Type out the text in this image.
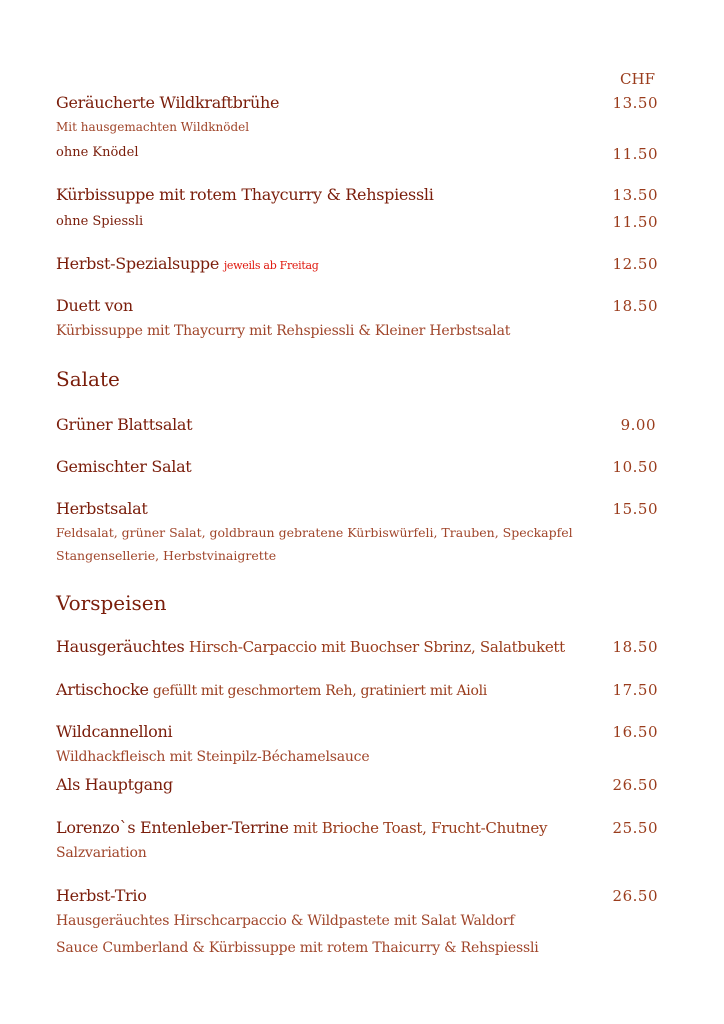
CHF
Geräucherte Wildkraftbrühe	13.50
Mit hausgemachten Wildknödel
ohne Knödel	11.50
Kürbissuppe mit rotem Thaycurry & Rehspiessli	13.50
ohne Spiessli	11.50
Herbst-Spezialsuppe jeweils ab Freitag	12.50
Duett von	18.50
Kürbissuppe mit Thaycurry mit Rehspiessli & Kleiner Herbstsalat
Salate
Grüner Blattsalat	9.00
Gemischter Salat	10.50
Herbstsalat	15.50
Feldsalat, grüner Salat, goldbraun gebratene Kürbiswürfeli, Trauben, Speckapfel
Stangensellerie, Herbstvinaigrette
Vorspeisen
Hausgeräuchtes Hirsch-Carpaccio mit Buochser Sbrinz, Salatbukett	18.50
Artischocke gefüllt mit geschmortem Reh, gratiniert mit Aioli	17.50
Wildcannelloni	16.50
Wildhackfleisch mit Steinpilz-Béchamelsauce
Als Hauptgang	26.50
Lorenzo`s Entenleber-Terrine mit Brioche Toast, Frucht-Chutney	25.50
Salzvariation
Herbst-Trio	26.50
Hausgeräuchtes Hirschcarpaccio & Wildpastete mit Salat Waldorf
Sauce Cumberland & Kürbissuppe mit rotem Thaicurry & Rehspiessli
